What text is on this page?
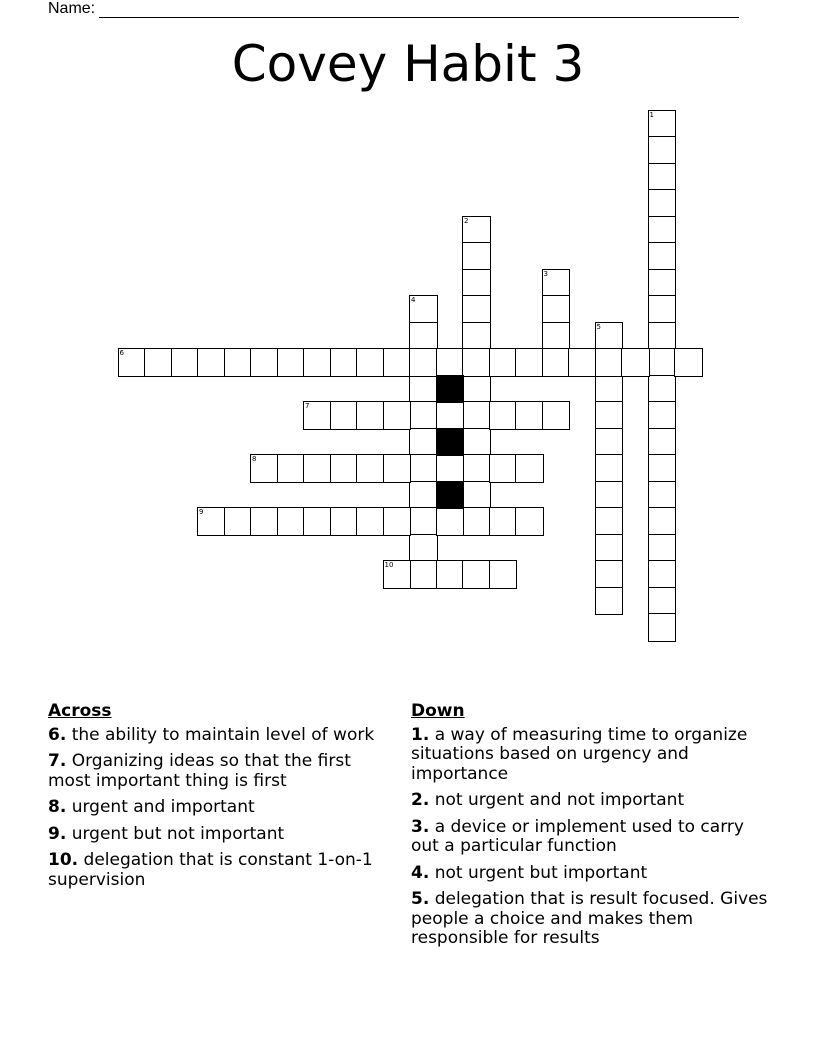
Name:
Covey Habit 3
1
2
3
4
5
6
7
8
9
10
Across
6. the ability to maintain level of work
7. Organizing ideas so that the first most important thing is first
8. urgent and important
9. urgent but not important
10. delegation that is constant 1-on-1 supervision
Down
1. a way of measuring time to organize situations based on urgency and importance
2. not urgent and not important
3. a device or implement used to carry out a particular function
4. not urgent but important
5. delegation that is result focused. Gives people a choice and makes them responsible for results
